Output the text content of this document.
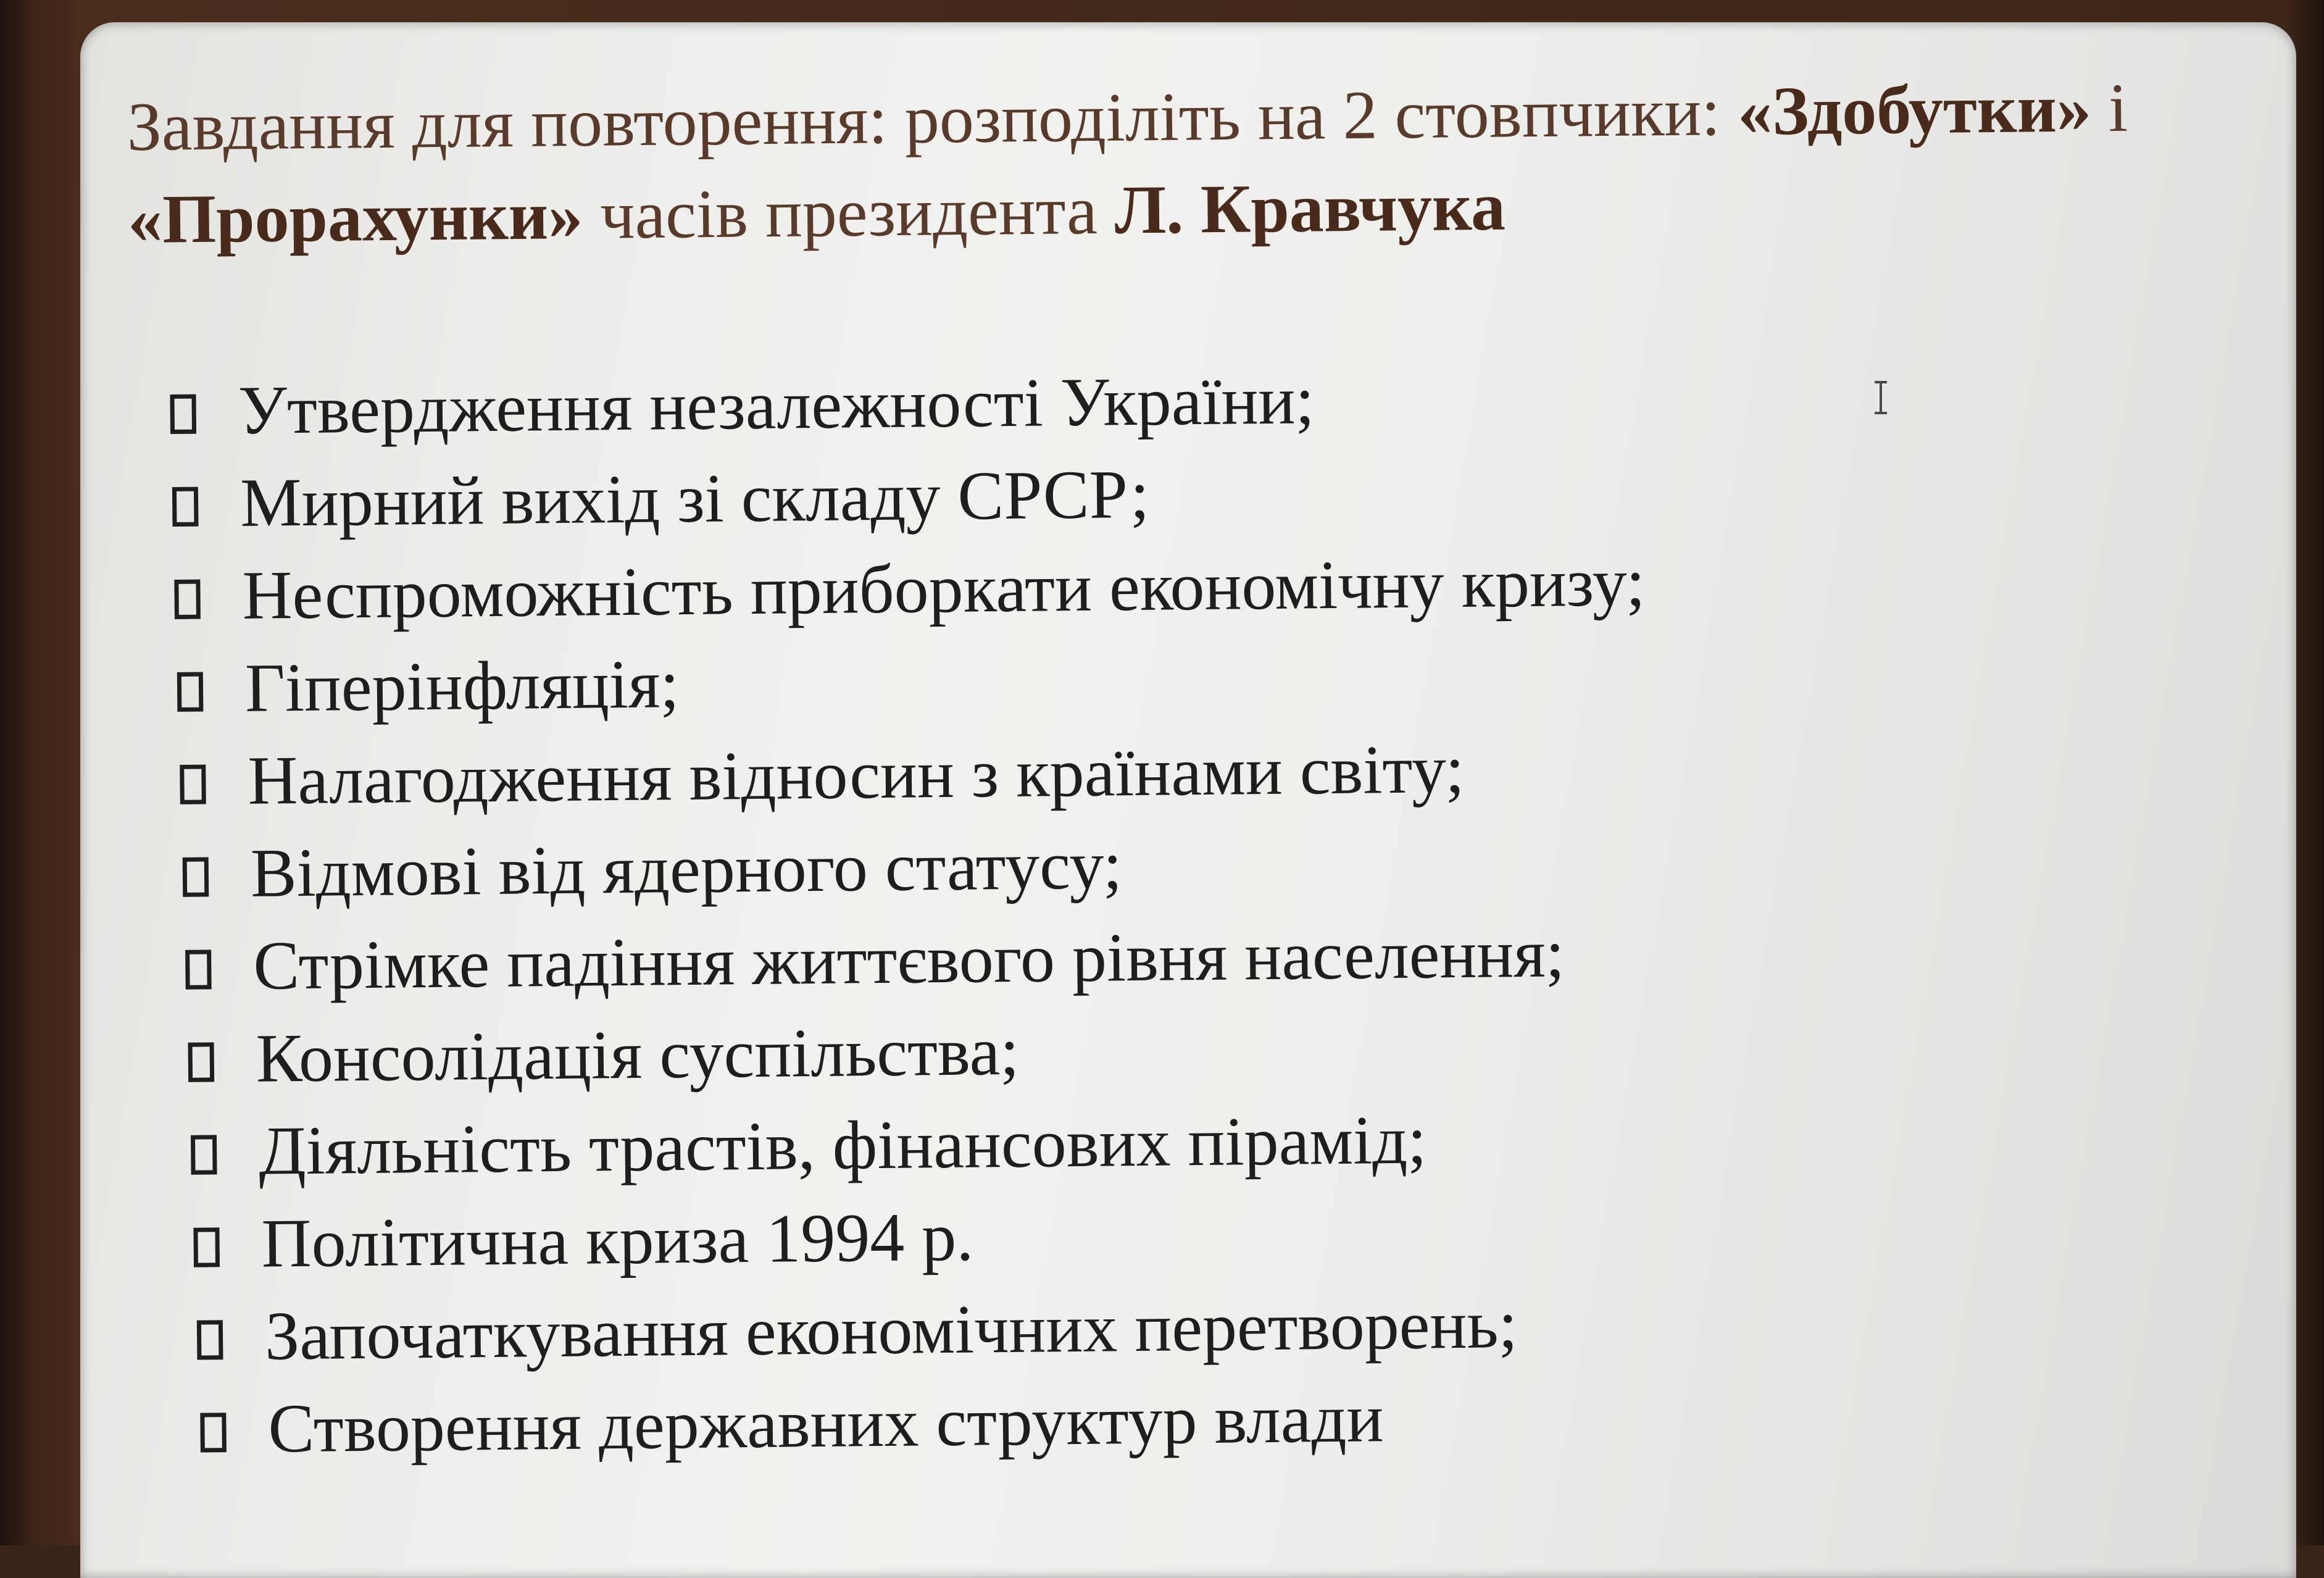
Завдання для повторення: розподіліть на 2 стовпчики: «Здобутки» і
«Прорахунки» часів президента Л. Кравчука
Утвердження незалежності України;
Мирний вихід зі складу СРСР;
Неспроможність приборкати економічну кризу;
Гіперінфляція;
Налагодження відносин з країнами світу;
Відмові від ядерного статусу;
Стрімке падіння життєвого рівня населення;
Консолідація суспільства;
Діяльність трастів, фінансових пірамід;
Політична криза 1994 р.
Започаткування економічних перетворень;
Створення державних структур влади
